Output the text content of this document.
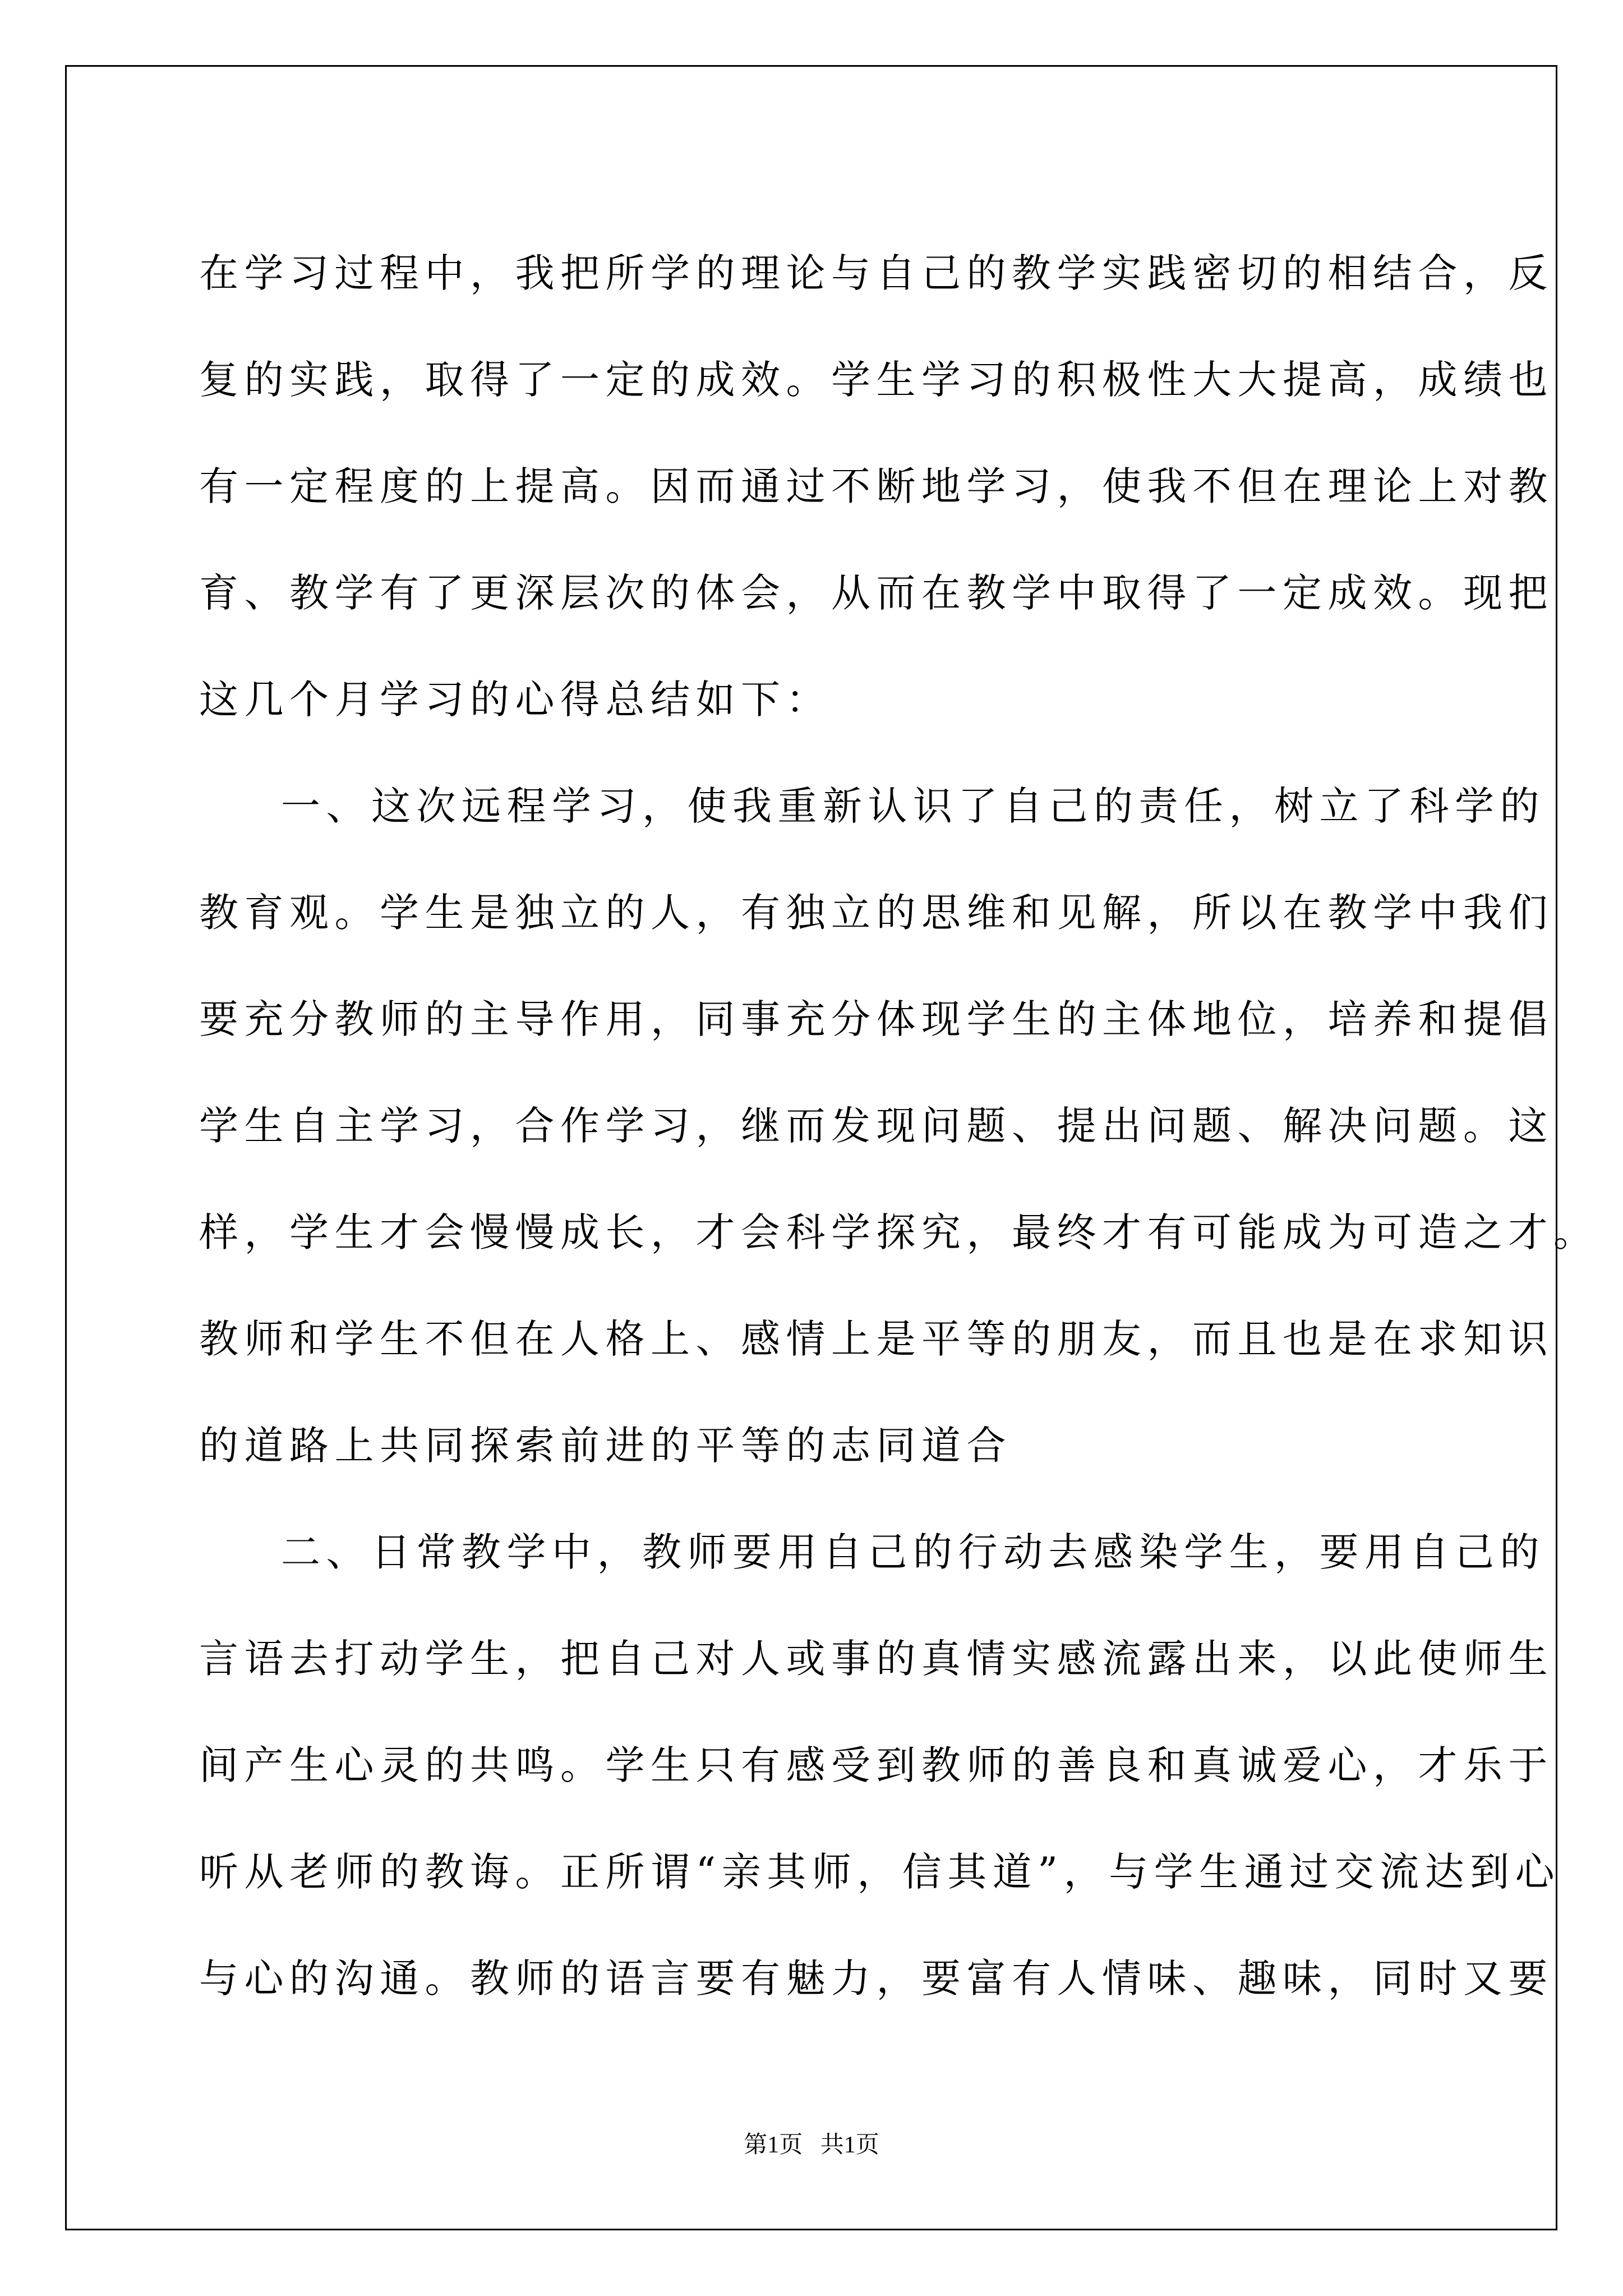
在学习过程中，我把所学的理论与自己的教学实践密切的相结合，反
复的实践，取得了一定的成效。学生学习的积极性大大提高，成绩也
有一定程度的上提高。因而通过不断地学习，使我不但在理论上对教
育、教学有了更深层次的体会，从而在教学中取得了一定成效。现把
这几个月学习的心得总结如下：
一、这次远程学习，使我重新认识了自己的责任，树立了科学的
教育观。学生是独立的人，有独立的思维和见解，所以在教学中我们
要充分教师的主导作用，同事充分体现学生的主体地位，培养和提倡
学生自主学习，合作学习，继而发现问题、提出问题、解决问题。这
样，学生才会慢慢成长，才会科学探究，最终才有可能成为可造之才。
教师和学生不但在人格上、感情上是平等的朋友，而且也是在求知识
的道路上共同探索前进的平等的志同道合
二、日常教学中，教师要用自己的行动去感染学生，要用自己的
言语去打动学生，把自己对人或事的真情实感流露出来，以此使师生
间产生心灵的共鸣。学生只有感受到教师的善良和真诚爱心，才乐于
听从老师的教诲。正所谓“亲其师，信其道”，与学生通过交流达到心
与心的沟通。教师的语言要有魅力，要富有人情味、趣味，同时又要
第1页   共1页
